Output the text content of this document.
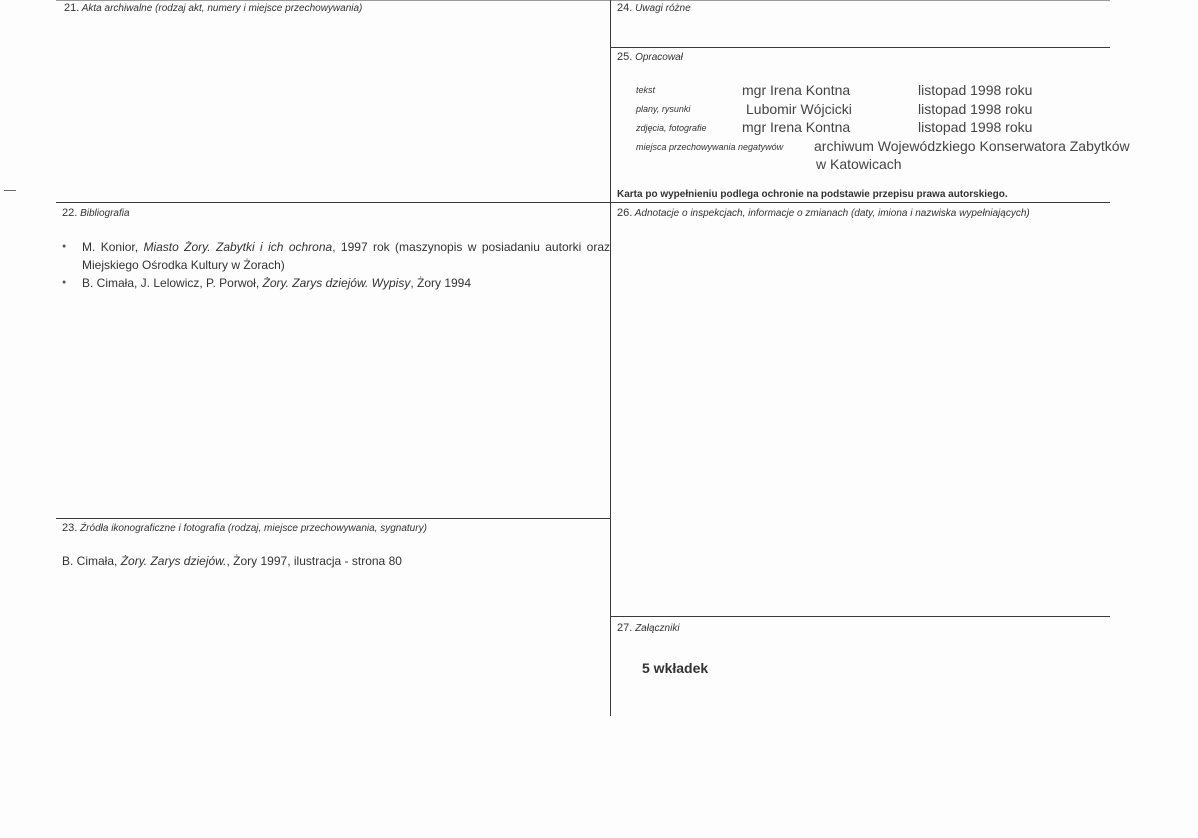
21. Akta archiwalne (rodzaj akt, numery i miejsce przechowywania)	24. Uwagi różne
25. Opracował
tekst	mgr Irena Kontna	listopad 1998 roku
plany, rysunki	Lubomir Wójcicki	listopad 1998 roku
zdjęcia, fotografie	mgr Irena Kontna	listopad 1998 roku
miejsca przechowywania negatywów archiwum Wojewódzkiego Konserwatora Zabytków
w Katowicach
Karta po wypełnieniu podlega ochronie na podstawie przepisu prawa autorskiego.
22. Bibliografia
● M. Konior, Miasto Żory. Zabytki i ich ochrona, 1997 rok (maszynopis w posiadaniu autorki oraz Miejskiego Ośrodka Kultury w Żorach)
● B. Cimała, J. Lelowicz, P. Porwoł, Żory. Zarys dziejów. Wypisy, Żory 1994
26. Adnotacje o inspekcjach, informacje o zmianach (daty, imiona i nazwiska wypełniających)
23. Źródła ikonograficzne i fotografia (rodzaj, miejsce przechowywania, sygnatury)
B. Cimała, Żory. Zarys dziejów., Żory 1997, ilustracja - strona 80
27. Załączniki
5 wkładek
